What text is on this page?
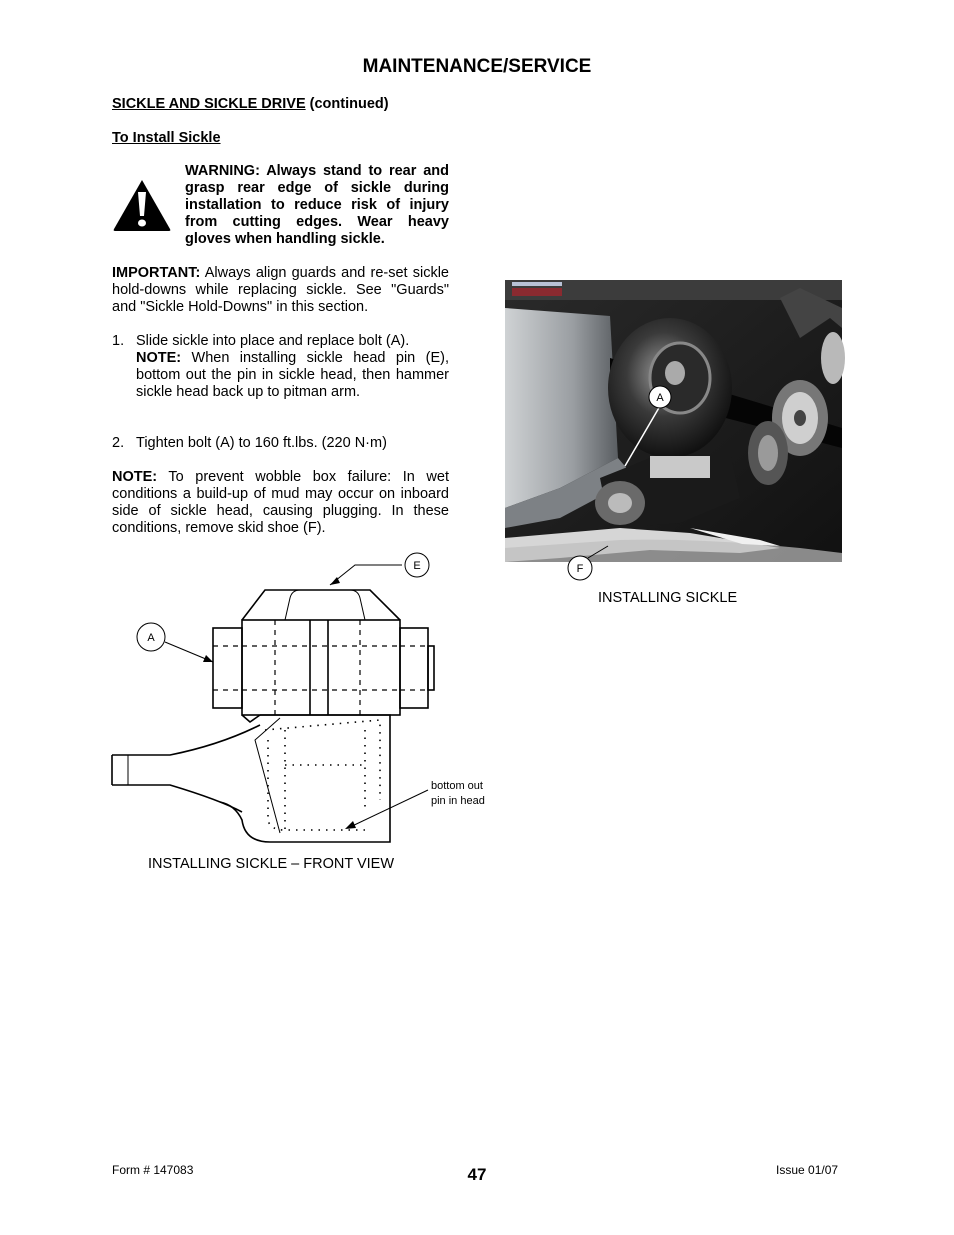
MAINTENANCE/SERVICE
SICKLE AND SICKLE DRIVE (continued)
To Install Sickle
WARNING: Always stand to rear and grasp rear edge of sickle during installation to reduce risk of injury from cutting edges. Wear heavy gloves when handling sickle.
IMPORTANT: Always align guards and re-set sickle hold-downs while replacing sickle. See "Guards" and "Sickle Hold-Downs" in this section.
1. Slide sickle into place and replace bolt (A).
NOTE: When installing sickle head pin (E), bottom out the pin in sickle head, then hammer sickle head back up to pitman arm.
2. Tighten bolt (A) to 160 ft.lbs. (220 N·m)
NOTE: To prevent wobble box failure: In wet conditions a build-up of mud may occur on inboard side of sickle head, causing plugging. In these conditions, remove skid shoe (F).
A
F
INSTALLING SICKLE
E
A
bottom out
pin in head
INSTALLING SICKLE – FRONT VIEW
Form # 147083	47	Issue 01/07
